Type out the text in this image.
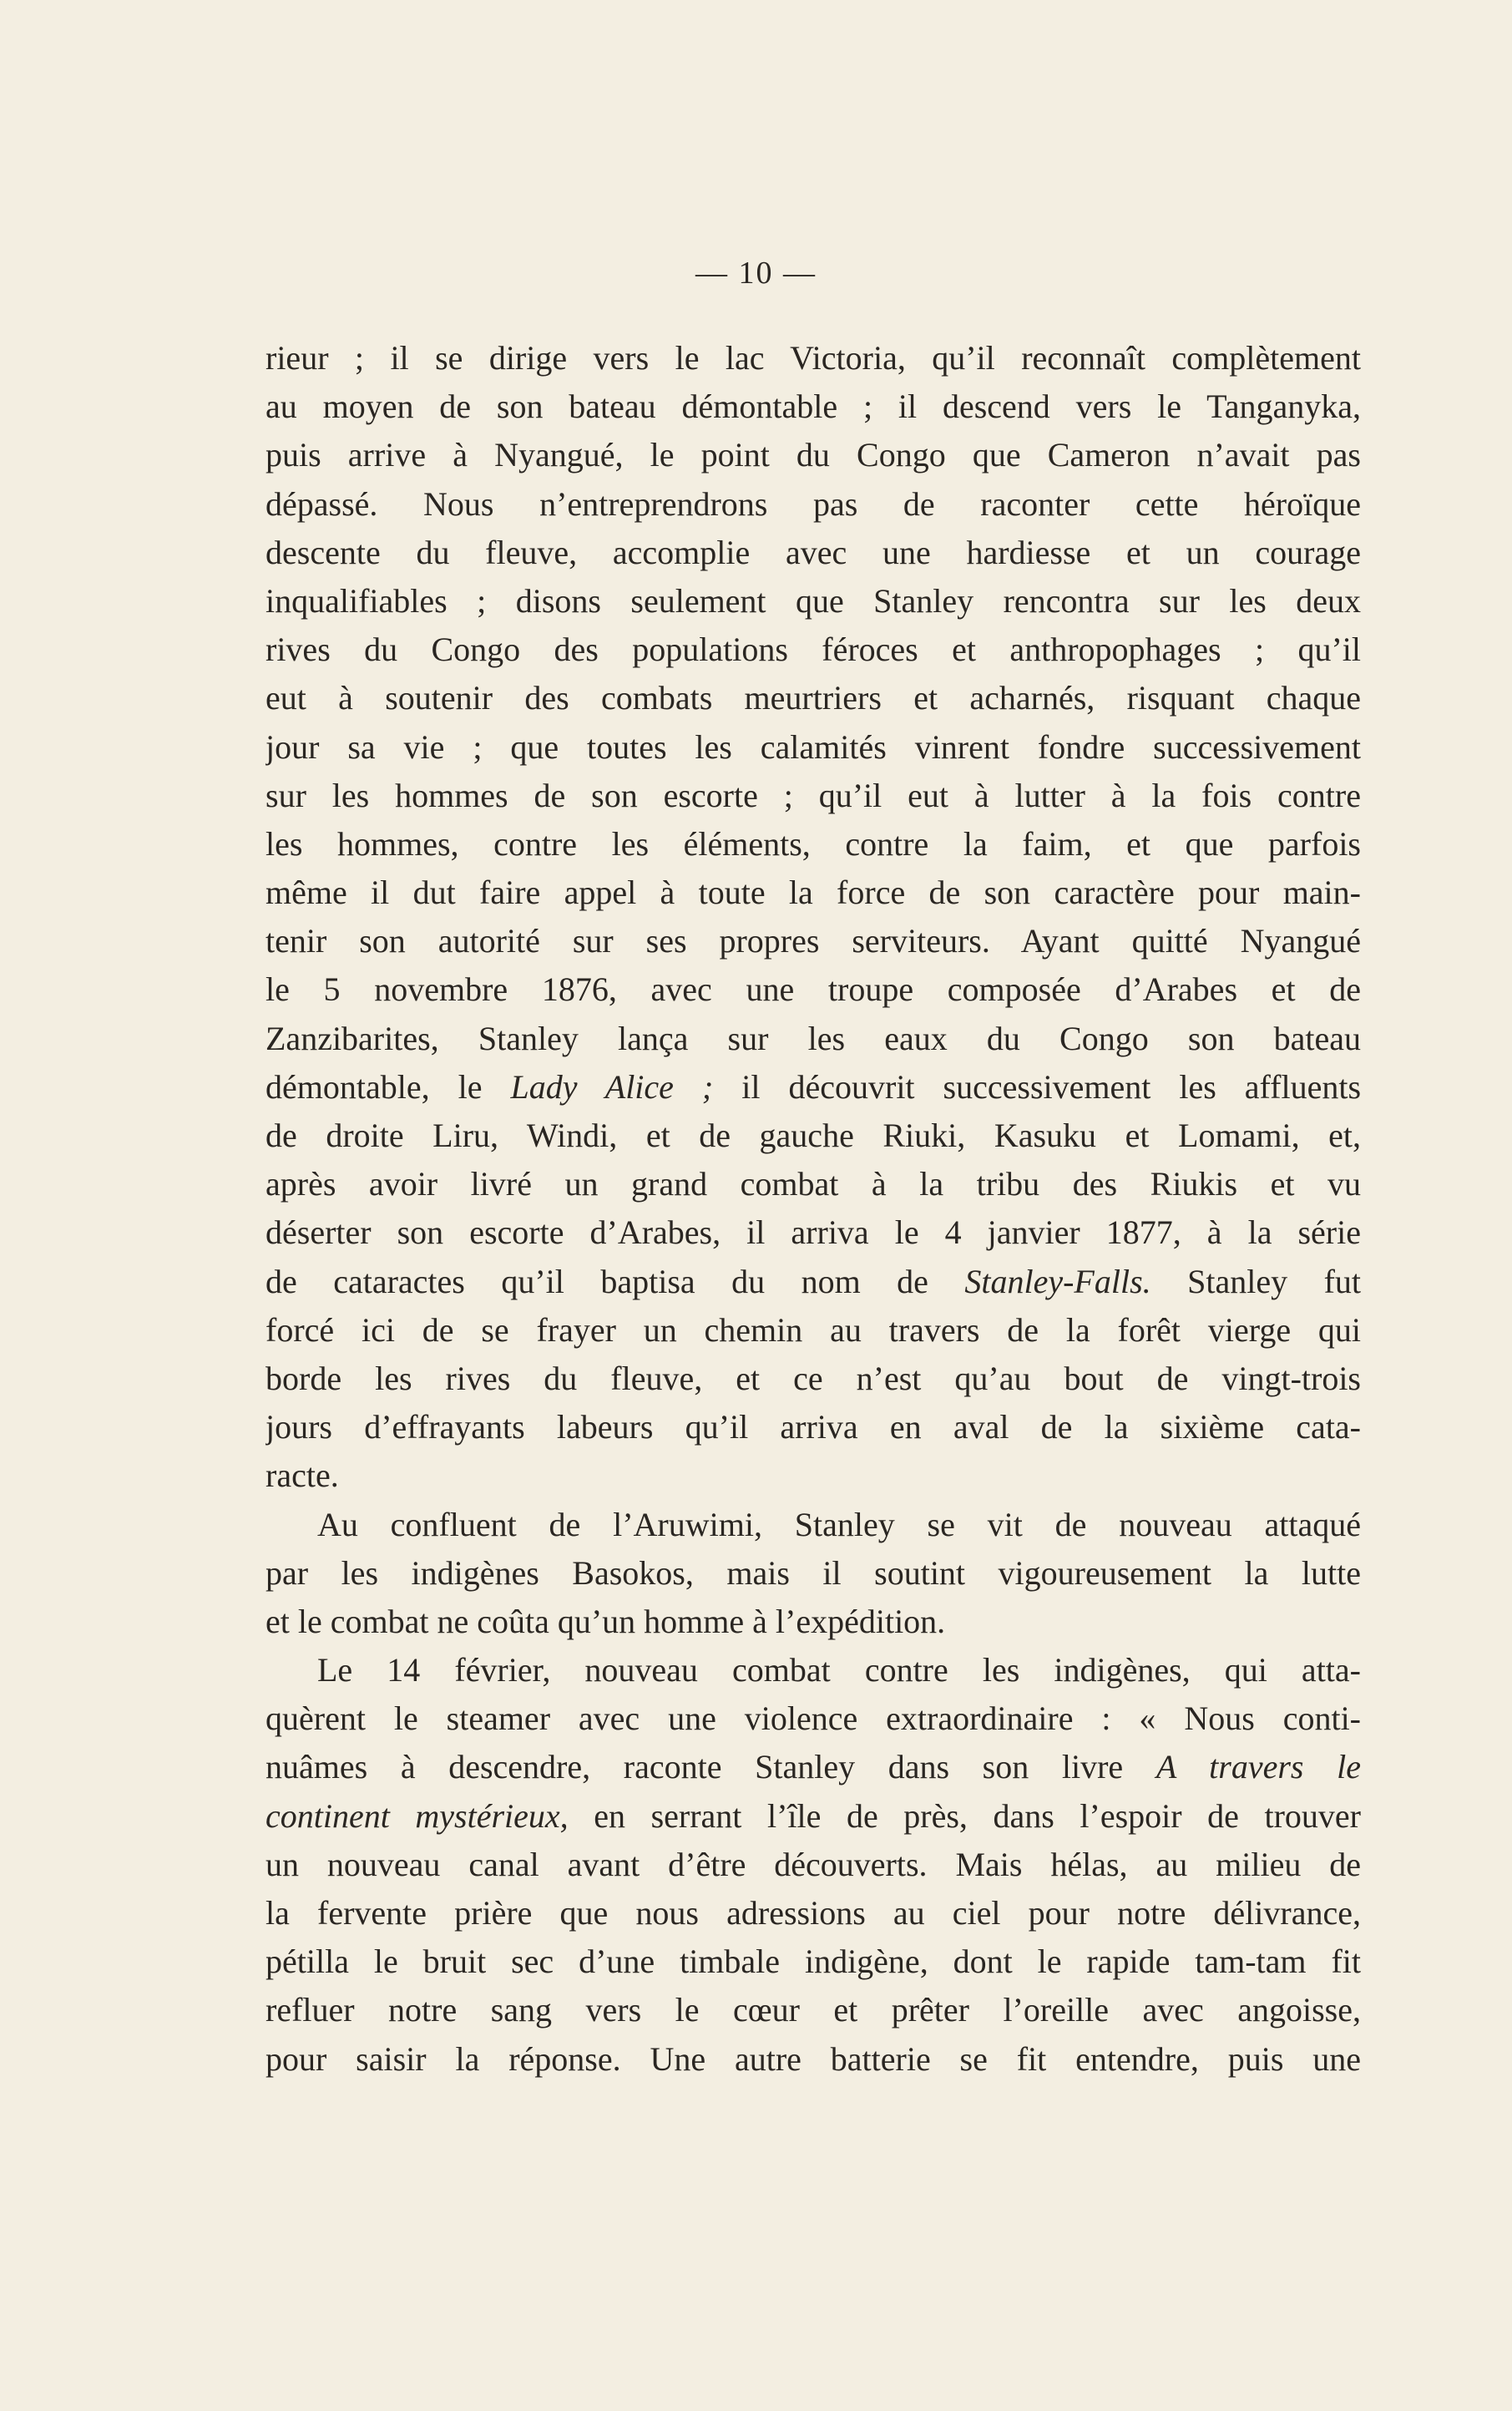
— 10 —
rieur ; il se dirige vers le lac Victoria, qu’il reconnaît complètement
au moyen de son bateau démontable ; il descend vers le Tanganyka,
puis arrive à Nyangué, le point du Congo que Cameron n’avait pas
dépassé. Nous n’entreprendrons pas de raconter cette héroïque
descente du fleuve, accomplie avec une hardiesse et un courage
inqualifiables ; disons seulement que Stanley rencontra sur les deux
rives du Congo des populations féroces et anthropophages ; qu’il
eut à soutenir des combats meurtriers et acharnés, risquant chaque
jour sa vie ; que toutes les calamités vinrent fondre successivement
sur les hommes de son escorte ; qu’il eut à lutter à la fois contre
les hommes, contre les éléments, contre la faim, et que parfois
même il dut faire appel à toute la force de son caractère pour main-
tenir son autorité sur ses propres serviteurs. Ayant quitté Nyangué
le 5 novembre 1876, avec une troupe composée d’Arabes et de
Zanzibarites, Stanley lança sur les eaux du Congo son bateau
démontable, le Lady Alice ; il découvrit successivement les affluents
de droite Liru, Windi, et de gauche Riuki, Kasuku et Lomami, et,
après avoir livré un grand combat à la tribu des Riukis et vu
déserter son escorte d’Arabes, il arriva le 4 janvier 1877, à la série
de cataractes qu’il baptisa du nom de Stanley-Falls. Stanley fut
forcé ici de se frayer un chemin au travers de la forêt vierge qui
borde les rives du fleuve, et ce n’est qu’au bout de vingt-trois
jours d’effrayants labeurs qu’il arriva en aval de la sixième cata-
racte.
Au confluent de l’Aruwimi, Stanley se vit de nouveau attaqué
par les indigènes Basokos, mais il soutint vigoureusement la lutte
et le combat ne coûta qu’un homme à l’expédition.
Le 14 février, nouveau combat contre les indigènes, qui atta-
quèrent le steamer avec une violence extraordinaire : « Nous conti-
nuâmes à descendre, raconte Stanley dans son livre A travers le
continent mystérieux, en serrant l’île de près, dans l’espoir de trouver
un nouveau canal avant d’être découverts. Mais hélas, au milieu de
la fervente prière que nous adressions au ciel pour notre délivrance,
pétilla le bruit sec d’une timbale indigène, dont le rapide tam-tam fit
refluer notre sang vers le cœur et prêter l’oreille avec angoisse,
pour saisir la réponse. Une autre batterie se fit entendre, puis une
